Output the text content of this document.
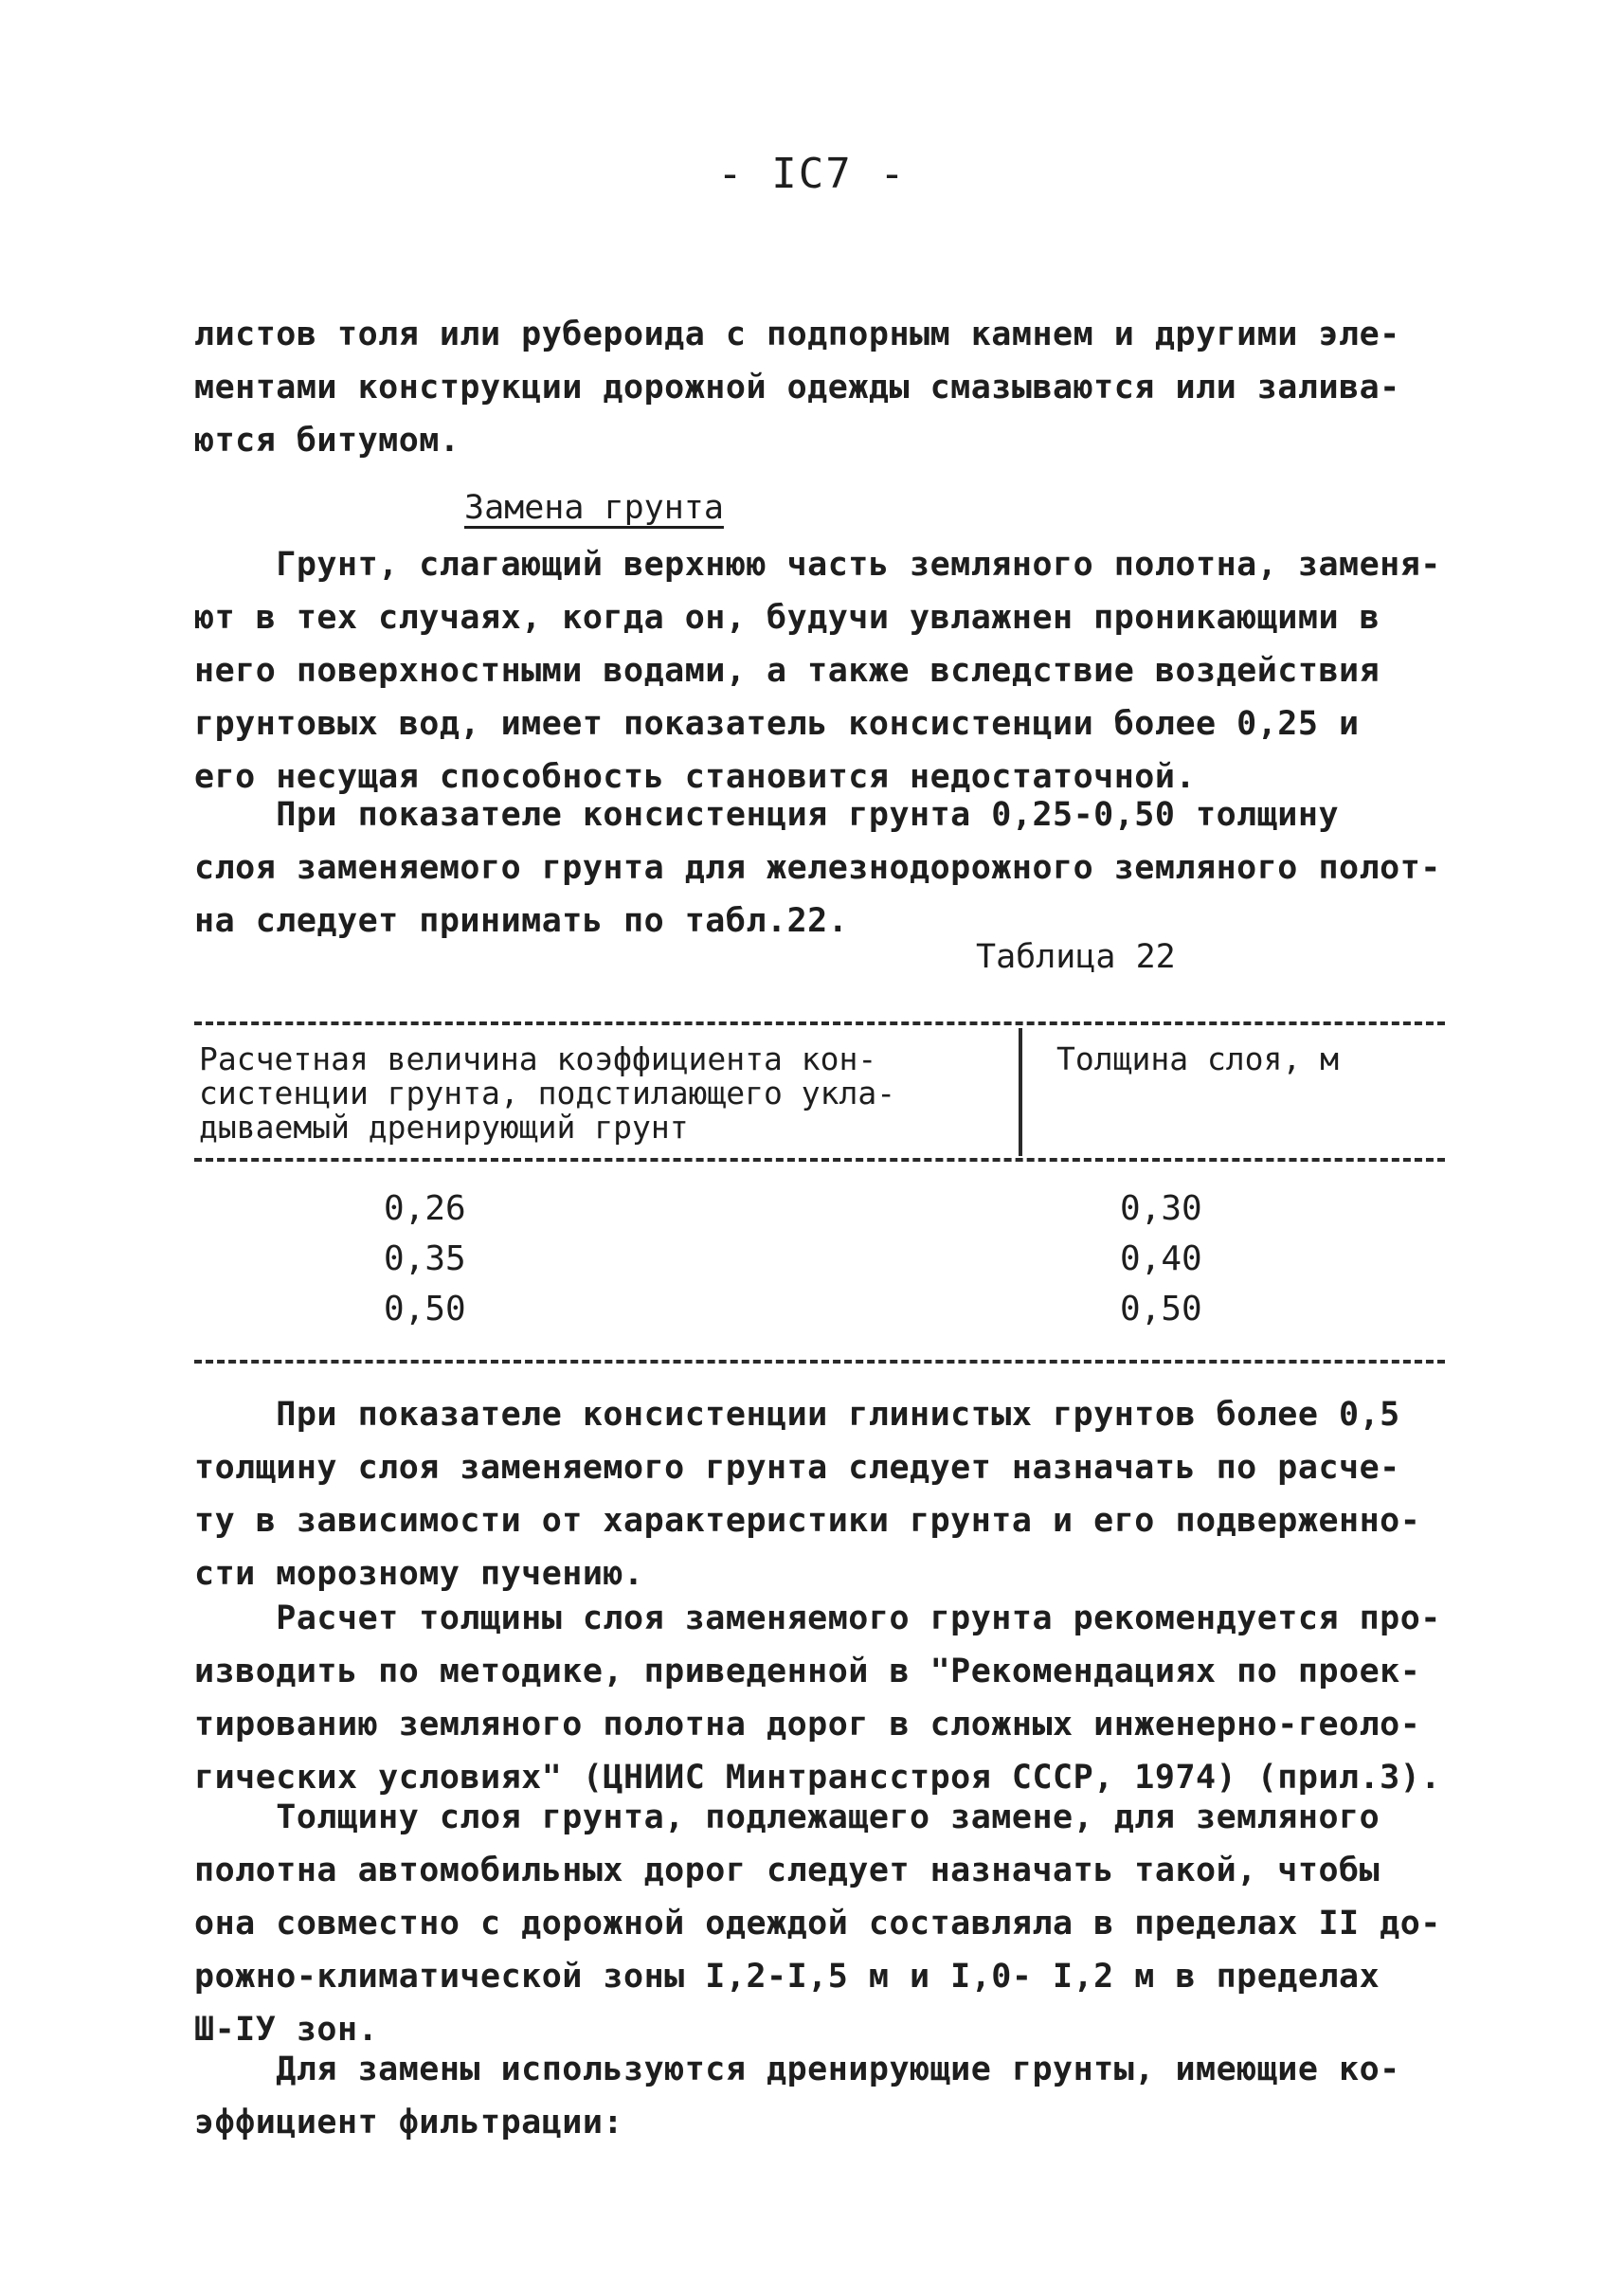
- IC7 -
листов толя или рубероида с подпорным камнем и другими эле-
ментами конструкции дорожной одежды смазываются или залива-
ются битумом.
Замена грунта
Грунт, слагающий верхнюю часть земляного полотна, заменя-
ют в тех случаях, когда он, будучи увлажнен проникающими в
него поверхностными водами, а также вследствие воздействия
грунтовых вод, имеет показатель консистенции более 0,25 и
его несущая способность становится недостаточной.
При показателе консистенция грунта 0,25-0,50 толщину
слоя заменяемого грунта для железнодорожного земляного полот-
на следует принимать по табл.22.
Таблица 22
Расчетная величина коэффициента кон-
систенции грунта, подстилающего укла-
дываемый дренирующий грунт
Толщина слоя, м
0,26	0,30
0,35	0,40
0,50	0,50
При показателе консистенции глинистых грунтов более 0,5
толщину слоя заменяемого грунта следует назначать по расче-
ту в зависимости от характеристики грунта и его подверженно-
сти морозному пучению.
Расчет толщины слоя заменяемого грунта рекомендуется про-
изводить по методике, приведенной в "Рекомендациях по проек-
тированию земляного полотна дорог в сложных инженерно-геоло-
гических условиях" (ЦНИИС Минтрансстроя СССР, 1974) (прил.3).
Толщину слоя грунта, подлежащего замене, для земляного
полотна автомобильных дорог следует назначать такой, чтобы
она совместно с дорожной одеждой составляла в пределах II до-
рожно-климатической зоны I,2-I,5 м и I,0- I,2 м в пределах
Ш-IУ зон.
Для замены используются дренирующие грунты, имеющие ко-
эффициент фильтрации:
